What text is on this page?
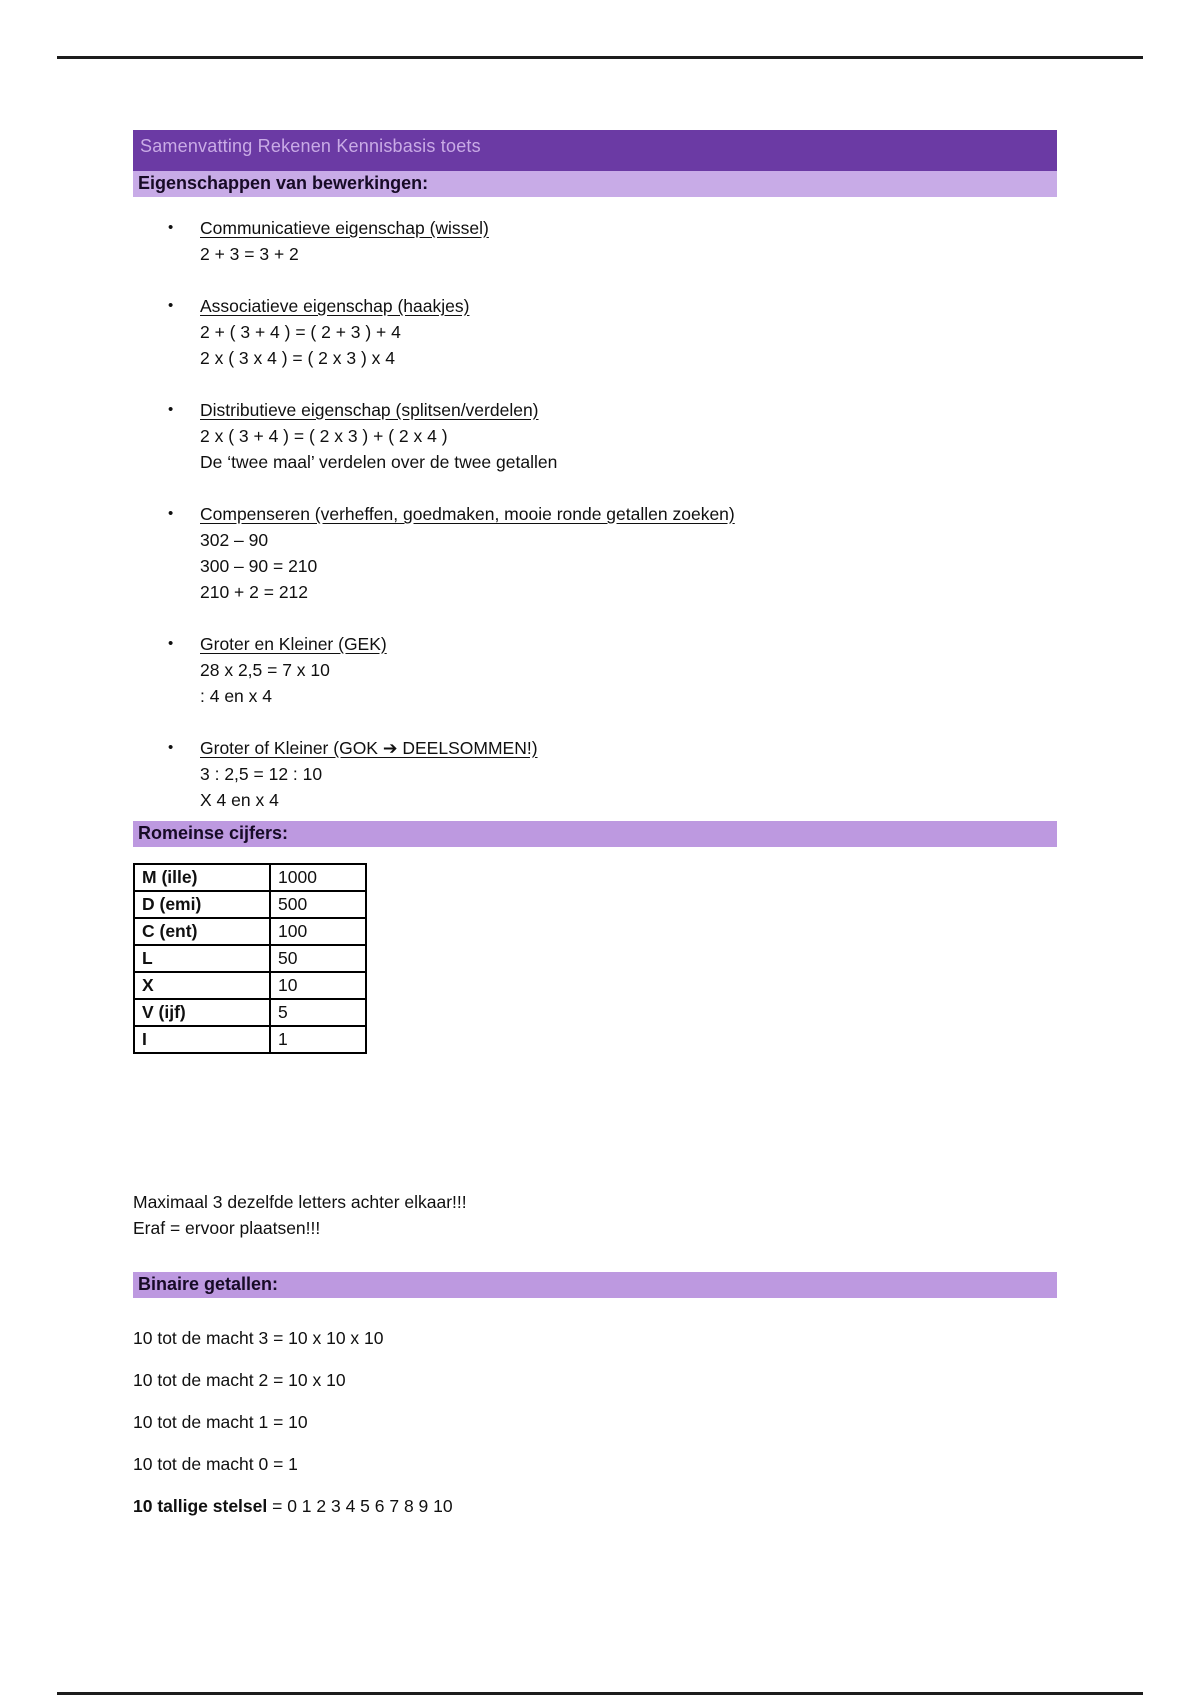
Samenvatting Rekenen Kennisbasis toets
Eigenschappen van bewerkingen:
• Communicatieve eigenschap (wissel)
2 + 3 = 3 + 2
• Associatieve eigenschap (haakjes)
2 + ( 3 + 4 ) = ( 2 + 3 ) + 4
2 x ( 3 x 4 ) = ( 2 x 3 ) x 4
• Distributieve eigenschap (splitsen/verdelen)
2 x ( 3 + 4 ) = ( 2 x 3 ) + ( 2 x 4 )
De ‘twee maal’ verdelen over de twee getallen
• Compenseren (verheffen, goedmaken, mooie ronde getallen zoeken)
302 – 90
300 – 90 = 210
210 + 2 = 212
• Groter en Kleiner (GEK)
28 x 2,5 = 7 x 10
: 4 en x 4
• Groter of Kleiner (GOK ➔ DEELSOMMEN!)
3 : 2,5 = 12 : 10
X 4 en x 4
Romeinse cijfers:
M (ille)	1000
D (emi)	500
C (ent)	100
L	50
X	10
V (ijf)	5
I	1
Maximaal 3 dezelfde letters achter elkaar!!!
Eraf = ervoor plaatsen!!!
Binaire getallen:
10 tot de macht 3 = 10 x 10 x 10
10 tot de macht 2 = 10 x 10
10 tot de macht 1 = 10
10 tot de macht 0 = 1
10 tallige stelsel = 0 1 2 3 4 5 6 7 8 9 10
